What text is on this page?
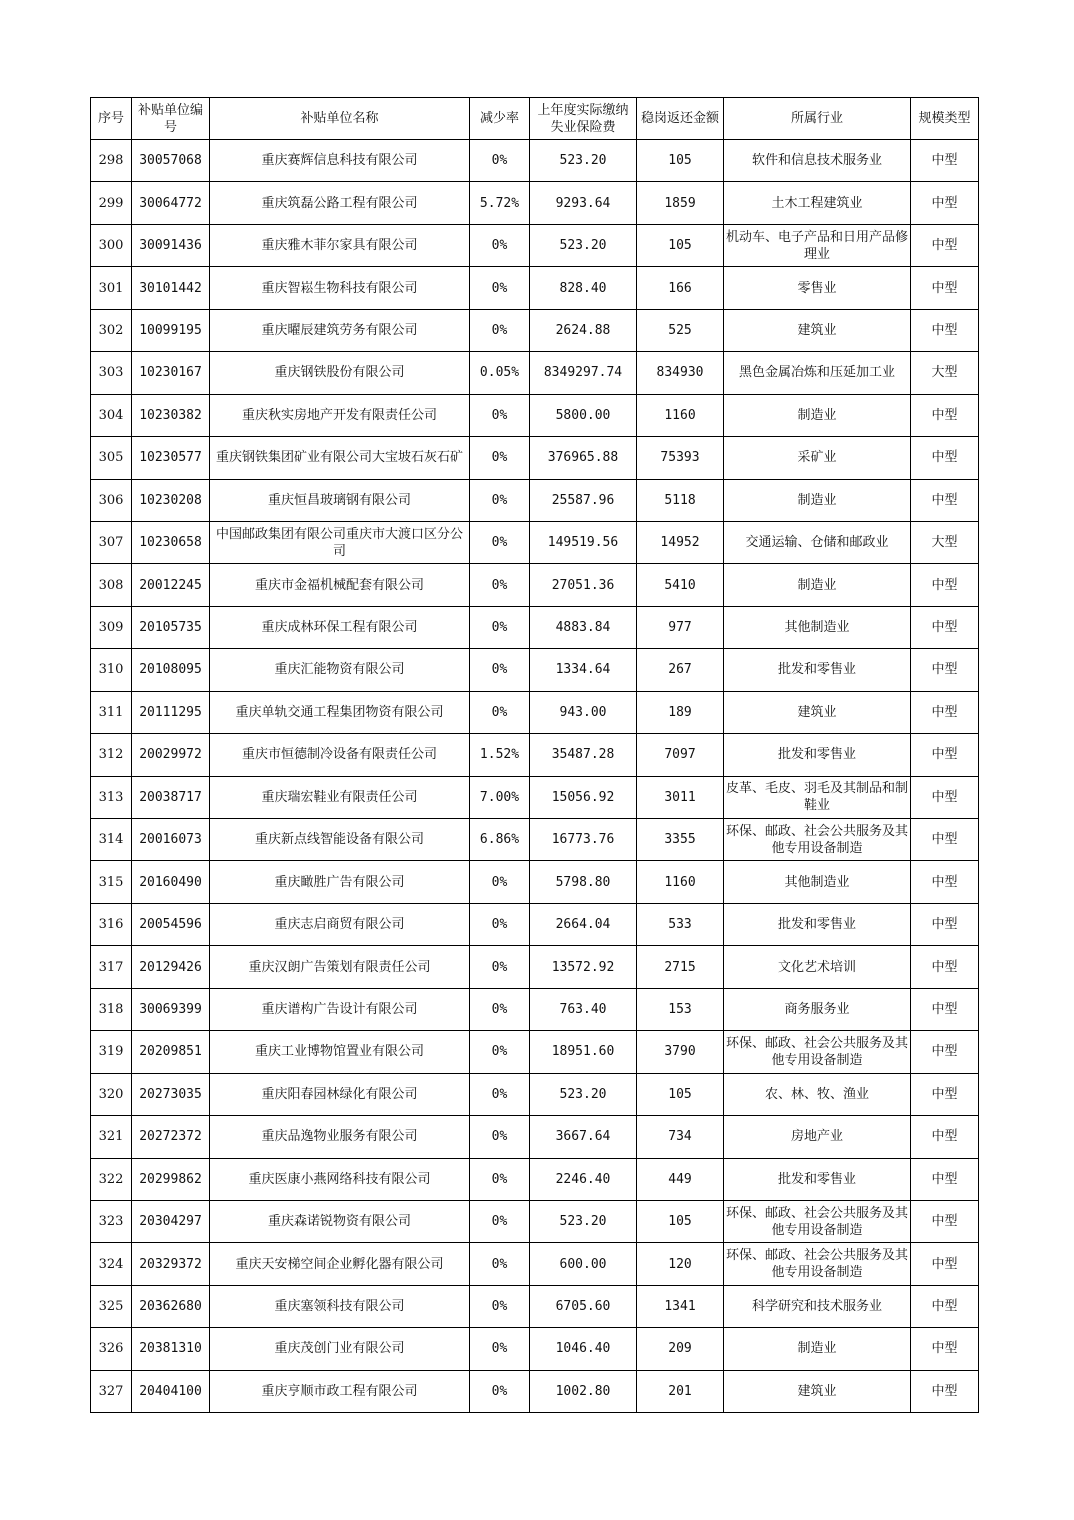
序号	补贴单位编号	补贴单位名称	减少率	上年度实际缴纳失业保险费	稳岗返还金额	所属行业	规模类型
298	30057068	重庆赛辉信息科技有限公司	0%	523.20	105	软件和信息技术服务业	中型
299	30064772	重庆筑磊公路工程有限公司	5.72%	9293.64	1859	土木工程建筑业	中型
300	30091436	重庆雅木菲尔家具有限公司	0%	523.20	105	机动车、电子产品和日用产品修理业	中型
301	30101442	重庆智崧生物科技有限公司	0%	828.40	166	零售业	中型
302	10099195	重庆曜辰建筑劳务有限公司	0%	2624.88	525	建筑业	中型
303	10230167	重庆钢铁股份有限公司	0.05%	8349297.74	834930	黑色金属冶炼和压延加工业	大型
304	10230382	重庆秋实房地产开发有限责任公司	0%	5800.00	1160	制造业	中型
305	10230577	重庆钢铁集团矿业有限公司大宝坡石灰石矿	0%	376965.88	75393	采矿业	中型
306	10230208	重庆恒昌玻璃钢有限公司	0%	25587.96	5118	制造业	中型
307	10230658	中国邮政集团有限公司重庆市大渡口区分公司	0%	149519.56	14952	交通运输、仓储和邮政业	大型
308	20012245	重庆市金福机械配套有限公司	0%	27051.36	5410	制造业	中型
309	20105735	重庆成林环保工程有限公司	0%	4883.84	977	其他制造业	中型
310	20108095	重庆汇能物资有限公司	0%	1334.64	267	批发和零售业	中型
311	20111295	重庆单轨交通工程集团物资有限公司	0%	943.00	189	建筑业	中型
312	20029972	重庆市恒德制冷设备有限责任公司	1.52%	35487.28	7097	批发和零售业	中型
313	20038717	重庆瑞宏鞋业有限责任公司	7.00%	15056.92	3011	皮革、毛皮、羽毛及其制品和制鞋业	中型
314	20016073	重庆新点线智能设备有限公司	6.86%	16773.76	3355	环保、邮政、社会公共服务及其他专用设备制造	中型
315	20160490	重庆瞰胜广告有限公司	0%	5798.80	1160	其他制造业	中型
316	20054596	重庆志启商贸有限公司	0%	2664.04	533	批发和零售业	中型
317	20129426	重庆汉朗广告策划有限责任公司	0%	13572.92	2715	文化艺术培训	中型
318	30069399	重庆谱构广告设计有限公司	0%	763.40	153	商务服务业	中型
319	20209851	重庆工业博物馆置业有限公司	0%	18951.60	3790	环保、邮政、社会公共服务及其他专用设备制造	中型
320	20273035	重庆阳春园林绿化有限公司	0%	523.20	105	农、林、牧、渔业	中型
321	20272372	重庆品逸物业服务有限公司	0%	3667.64	734	房地产业	中型
322	20299862	重庆医康小燕网络科技有限公司	0%	2246.40	449	批发和零售业	中型
323	20304297	重庆森诺锐物资有限公司	0%	523.20	105	环保、邮政、社会公共服务及其他专用设备制造	中型
324	20329372	重庆天安梯空间企业孵化器有限公司	0%	600.00	120	环保、邮政、社会公共服务及其他专用设备制造	中型
325	20362680	重庆塞领科技有限公司	0%	6705.60	1341	科学研究和技术服务业	中型
326	20381310	重庆茂创门业有限公司	0%	1046.40	209	制造业	中型
327	20404100	重庆亨顺市政工程有限公司	0%	1002.80	201	建筑业	中型
